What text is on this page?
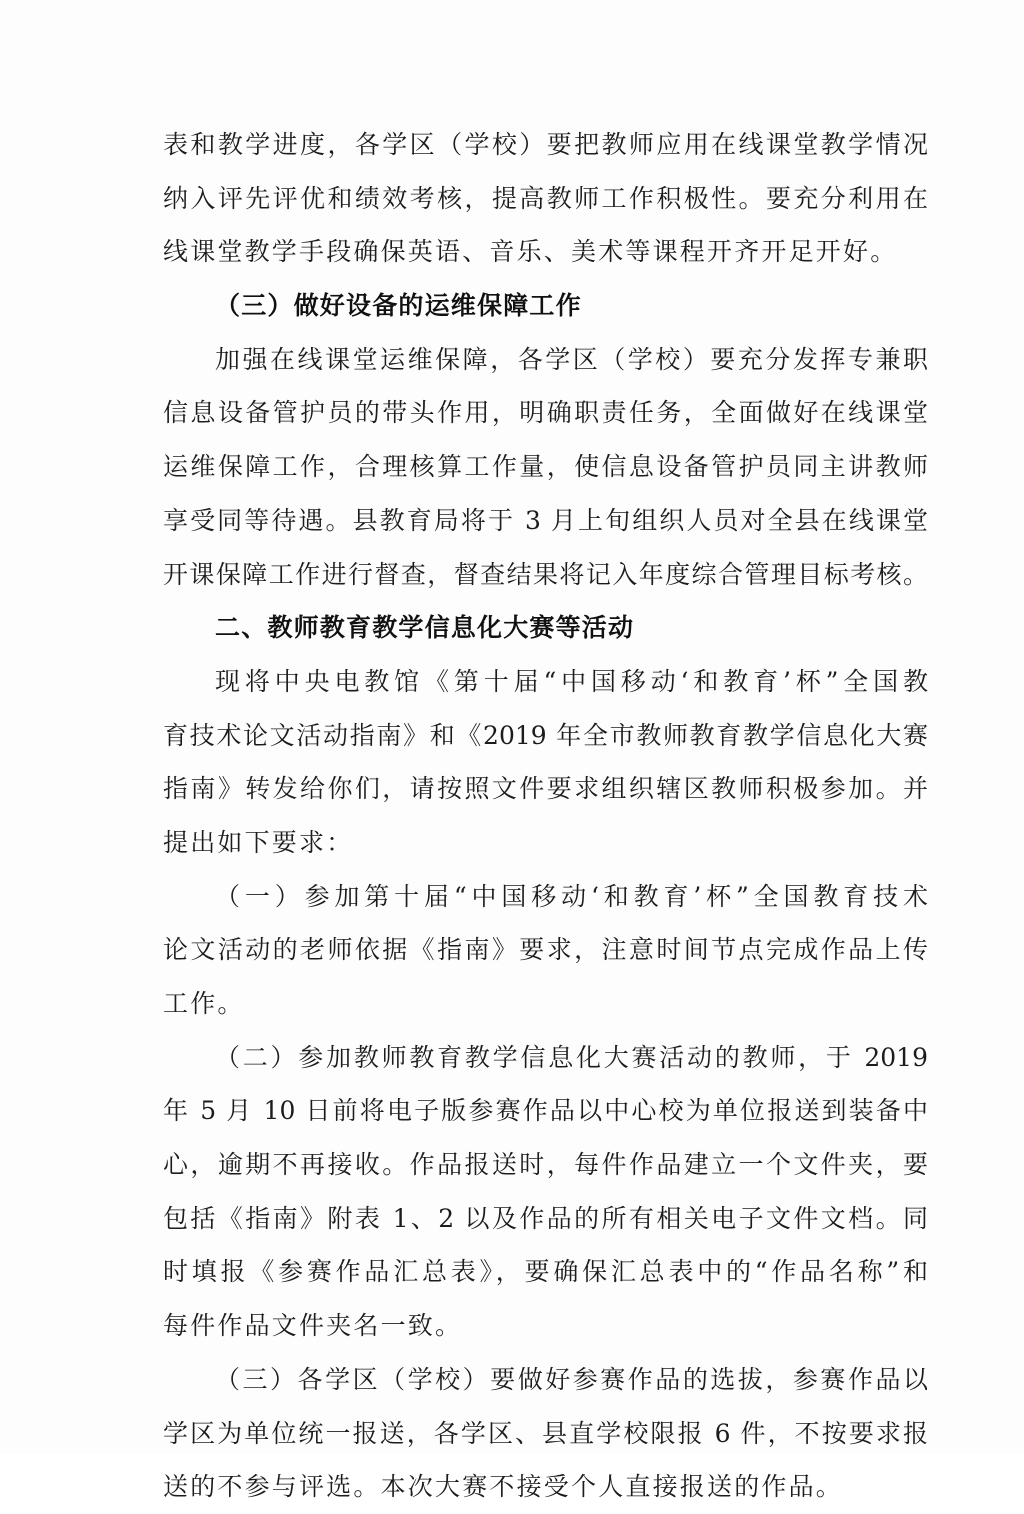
表和教学进度，各学区（学校）要把教师应用在线课堂教学情况
纳入评先评优和绩效考核，提高教师工作积极性。要充分利用在
线课堂教学手段确保英语、音乐、美术等课程开齐开足开好。
（三）做好设备的运维保障工作
加强在线课堂运维保障，各学区（学校）要充分发挥专兼职
信息设备管护员的带头作用，明确职责任务，全面做好在线课堂
运维保障工作，合理核算工作量，使信息设备管护员同主讲教师
享受同等待遇。县教育局将于 3 月上旬组织人员对全县在线课堂
开课保障工作进行督查，督查结果将记入年度综合管理目标考核。
二、教师教育教学信息化大赛等活动
现将中央电教馆《第十届“中国移动‘和教育’杯”全国教
育技术论文活动指南》和《2019 年全市教师教育教学信息化大赛
指南》转发给你们，请按照文件要求组织辖区教师积极参加。并
提出如下要求：
（一）参加第十届“中国移动‘和教育’杯”全国教育技术
论文活动的老师依据《指南》要求，注意时间节点完成作品上传
工作。
（二）参加教师教育教学信息化大赛活动的教师，于 2019
年 5 月 10 日前将电子版参赛作品以中心校为单位报送到装备中
心，逾期不再接收。作品报送时，每件作品建立一个文件夹，要
包括《指南》附表 1、2 以及作品的所有相关电子文件文档。同
时填报《参赛作品汇总表》，要确保汇总表中的“作品名称”和
每件作品文件夹名一致。
（三）各学区（学校）要做好参赛作品的选拔，参赛作品以
学区为单位统一报送，各学区、县直学校限报 6 件，不按要求报
送的不参与评选。本次大赛不接受个人直接报送的作品。
